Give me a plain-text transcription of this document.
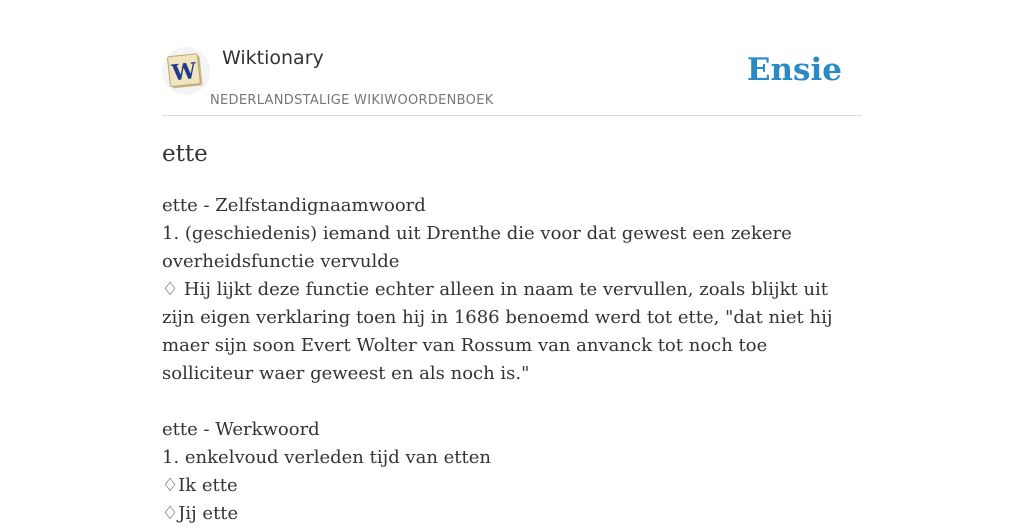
W Wiktionary
NEDERLANDSTALIGE WIKIWOORDENBOEK
Ensie
ette

ette - Zelfstandignaamwoord

1. (geschiedenis) iemand uit Drenthe die voor dat gewest een zekere overheidsfunctie vervulde

♢ Hij lijkt deze functie echter alleen in naam te vervullen, zoals blijkt uit zijn eigen verklaring toen hij in 1686 benoemd werd tot ette, "dat niet hij maer sijn soon Evert Wolter van Rossum van anvanck tot noch toe solliciteur waer geweest en als noch is."

ette - Werkwoord

1. enkelvoud verleden tijd van etten

♢Ik ette

♢Jij ette
